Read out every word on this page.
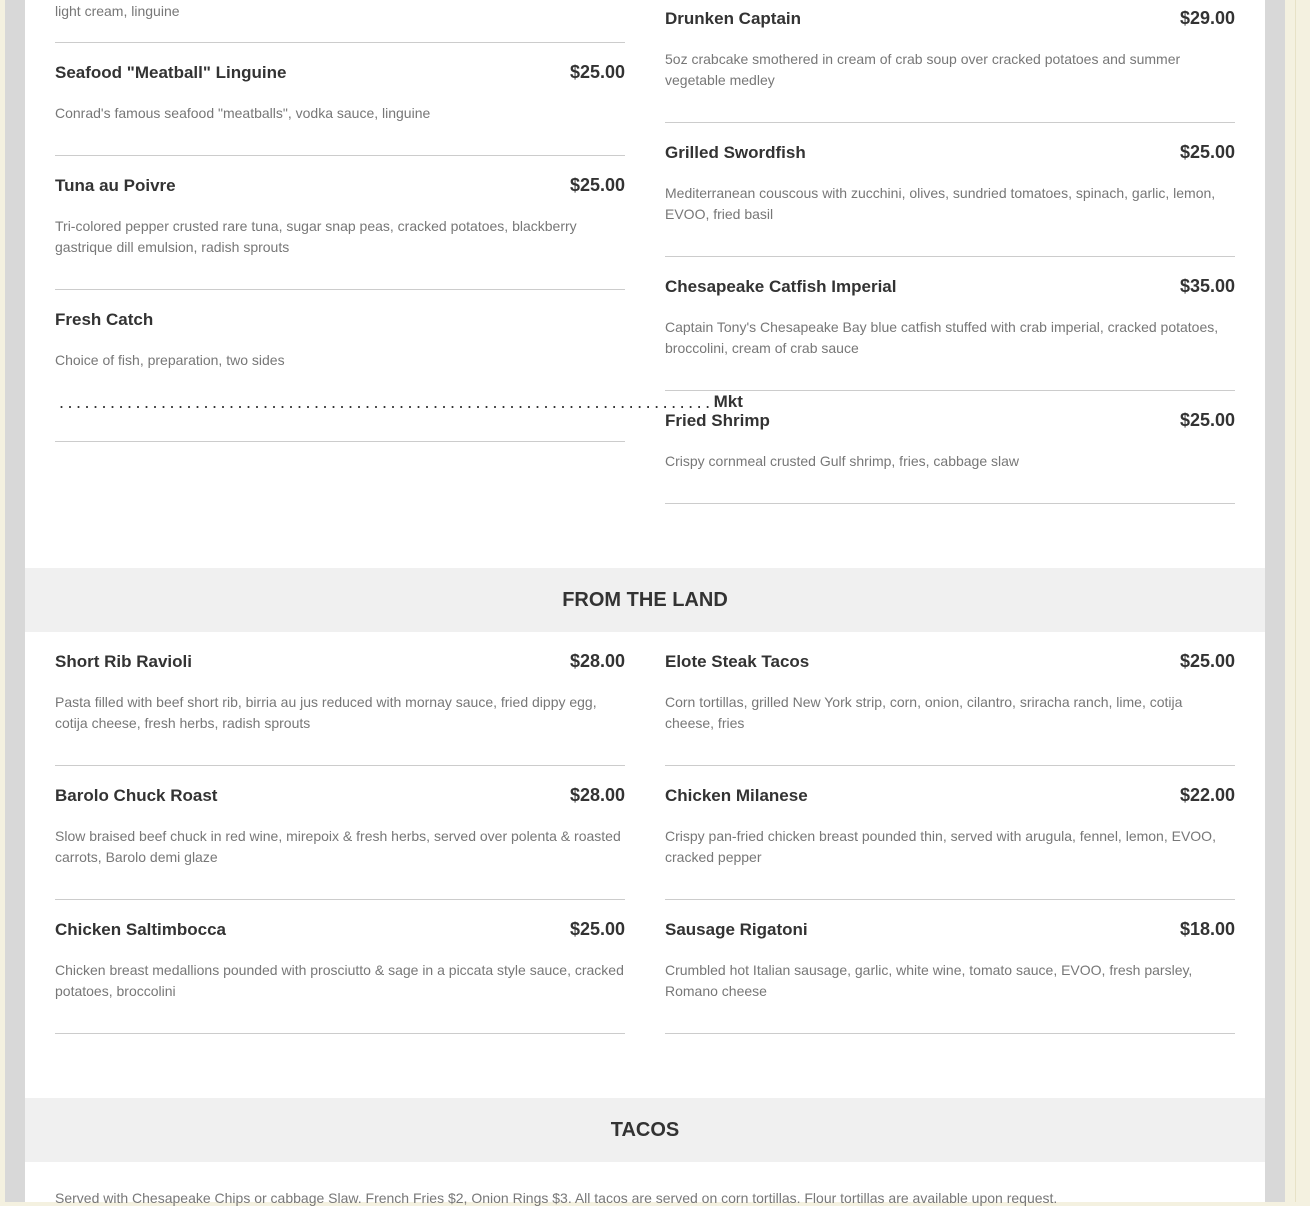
light cream, linguine
Seafood "Meatball" Linguine	$25.00
Conrad's famous seafood "meatballs", vodka sauce, linguine
Tuna au Poivre	$25.00
Tri-colored pepper crusted rare tuna, sugar snap peas, cracked potatoes, blackberry gastrique dill emulsion, radish sprouts
Fresh Catch
Choice of fish, preparation, two sides
............................................................................. Mkt
Drunken Captain	$29.00
5oz crabcake smothered in cream of crab soup over cracked potatoes and summer vegetable medley
Grilled Swordfish	$25.00
Mediterranean couscous with zucchini, olives, sundried tomatoes, spinach, garlic, lemon, EVOO, fried basil
Chesapeake Catfish Imperial	$35.00
Captain Tony's Chesapeake Bay blue catfish stuffed with crab imperial, cracked potatoes, broccolini, cream of crab sauce
Fried Shrimp	$25.00
Crispy cornmeal crusted Gulf shrimp, fries, cabbage slaw
FROM THE LAND
Short Rib Ravioli	$28.00
Pasta filled with beef short rib, birria au jus reduced with mornay sauce, fried dippy egg, cotija cheese, fresh herbs, radish sprouts
Barolo Chuck Roast	$28.00
Slow braised beef chuck in red wine, mirepoix & fresh herbs, served over polenta & roasted carrots, Barolo demi glaze
Chicken Saltimbocca	$25.00
Chicken breast medallions pounded with prosciutto & sage in a piccata style sauce, cracked potatoes, broccolini
Elote Steak Tacos	$25.00
Corn tortillas, grilled New York strip, corn, onion, cilantro, sriracha ranch, lime, cotija cheese, fries
Chicken Milanese	$22.00
Crispy pan-fried chicken breast pounded thin, served with arugula, fennel, lemon, EVOO, cracked pepper
Sausage Rigatoni	$18.00
Crumbled hot Italian sausage, garlic, white wine, tomato sauce, EVOO, fresh parsley, Romano cheese
TACOS
Served with Chesapeake Chips or cabbage Slaw. French Fries $2, Onion Rings $3. All tacos are served on corn tortillas. Flour tortillas are available upon request.
